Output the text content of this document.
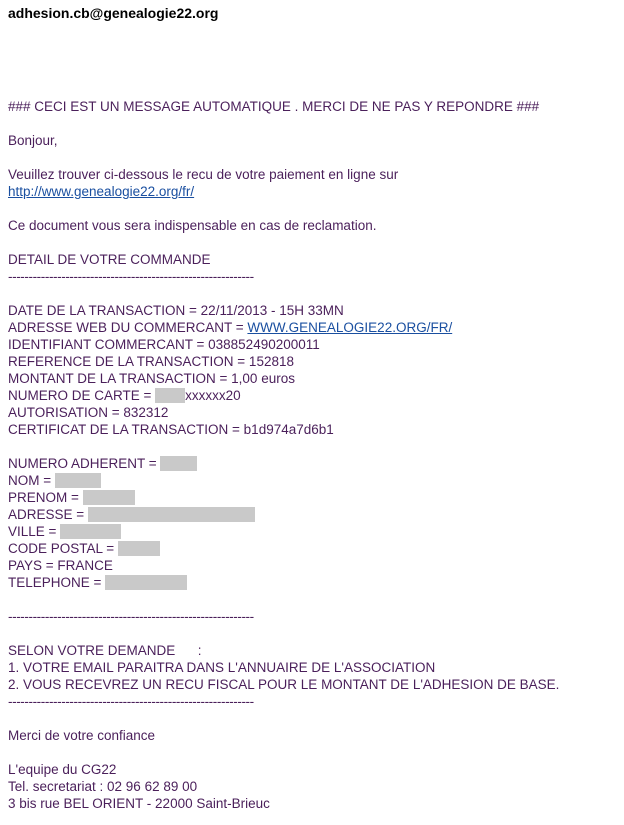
adhesion.cb@genealogie22.org
### CECI EST UN MESSAGE AUTOMATIQUE . MERCI DE NE PAS Y REPONDRE ###
Bonjour,
Veuillez trouver ci-dessous le recu de votre paiement en ligne sur
http://www.genealogie22.org/fr/
Ce document vous sera indispensable en cas de reclamation.
DETAIL DE VOTRE COMMANDE
------------------------------------------------------------
DATE DE LA TRANSACTION = 22/11/2013 - 15H 33MN
ADRESSE WEB DU COMMERCANT = WWW.GENEALOGIE22.ORG/FR/
IDENTIFIANT COMMERCANT = 038852490200011
REFERENCE DE LA TRANSACTION = 152818
MONTANT DE LA TRANSACTION = 1,00 euros
NUMERO DE CARTE = xxxxxx20
AUTORISATION = 832312
CERTIFICAT DE LA TRANSACTION = b1d974a7d6b1
NUMERO ADHERENT =
NOM =
PRENOM =
ADRESSE =
VILLE =
CODE POSTAL =
PAYS = FRANCE
TELEPHONE =
------------------------------------------------------------
SELON VOTRE DEMANDE      :
1. VOTRE EMAIL PARAITRA DANS L'ANNUAIRE DE L'ASSOCIATION
2. VOUS RECEVREZ UN RECU FISCAL POUR LE MONTANT DE L'ADHESION DE BASE.
------------------------------------------------------------
Merci de votre confiance
L'equipe du CG22
Tel. secretariat : 02 96 62 89 00
3 bis rue BEL ORIENT - 22000 Saint-Brieuc
